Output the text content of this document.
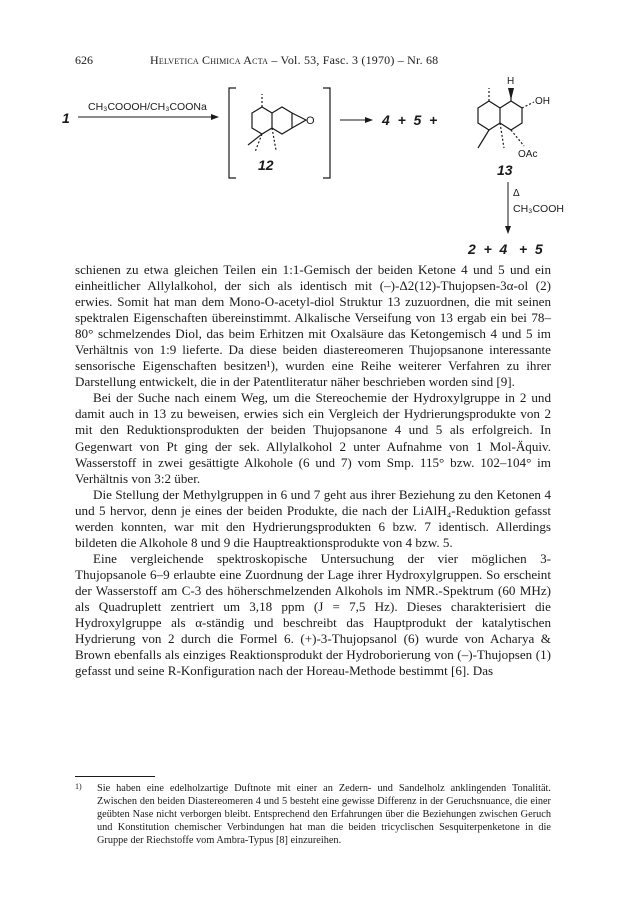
626	Helvetica Chimica Acta – Vol. 53, Fasc. 3 (1970) – Nr. 68
1
CH₃COOOH/CH₃COONa
O
12
4  +  5  +
H
OH
OAc
13
Δ
CH₃COOH
2  +  4   +  5

schienen zu etwa gleichen Teilen ein 1:1-Gemisch der beiden Ketone 4 und 5 und ein einheitlicher Allylalkohol, der sich als identisch mit (–)-Δ2(12)-Thujopsen-3α-ol (2) erwies. Somit hat man dem Mono-O-acetyl-diol Struktur 13 zuzuordnen, die mit seinen spektralen Eigenschaften übereinstimmt. Alkalische Verseifung von 13 ergab ein bei 78–80° schmelzendes Diol, das beim Erhitzen mit Oxalsäure das Ketongemisch 4 und 5 im Verhältnis von 1:9 lieferte. Da diese beiden diastereomeren Thujopsanone interessante sensorische Eigenschaften besitzen¹), wurden eine Reihe weiterer Verfahren zu ihrer Darstellung entwickelt, die in der Patentliteratur näher beschrieben worden sind [9].

Bei der Suche nach einem Weg, um die Stereochemie der Hydroxylgruppe in 2 und damit auch in 13 zu beweisen, erwies sich ein Vergleich der Hydrierungsprodukte von 2 mit den Reduktionsprodukten der beiden Thujopsanone 4 und 5 als erfolgreich. In Gegenwart von Pt ging der sek. Allylalkohol 2 unter Aufnahme von 1 Mol-Äquiv. Wasserstoff in zwei gesättigte Alkohole (6 und 7) vom Smp. 115° bzw. 102–104° im Verhältnis von 3:2 über.

Die Stellung der Methylgruppen in 6 und 7 geht aus ihrer Beziehung zu den Ketonen 4 und 5 hervor, denn je eines der beiden Produkte, die nach der LiAlH₄-Reduktion gefasst werden konnten, war mit den Hydrierungsprodukten 6 bzw. 7 identisch. Allerdings bildeten die Alkohole 8 und 9 die Hauptreaktionsprodukte von 4 bzw. 5.

Eine vergleichende spektroskopische Untersuchung der vier möglichen 3-Thujopsanole 6–9 erlaubte eine Zuordnung der Lage ihrer Hydroxylgruppen. So erscheint der Wasserstoff am C-3 des höherschmelzenden Alkohols im NMR.-Spektrum (60 MHz) als Quadruplett zentriert um 3,18 ppm (J = 7,5 Hz). Dieses charakterisiert die Hydroxylgruppe als α-ständig und beschreibt das Hauptprodukt der katalytischen Hydrierung von 2 durch die Formel 6. (+)-3-Thujopsanol (6) wurde von Acharya & Brown ebenfalls als einziges Reaktionsprodukt der Hydroborierung von (–)-Thujopsen (1) gefasst und seine R-Konfiguration nach der Horeau-Methode bestimmt [6]. Das

1) Sie haben eine edelholzartige Duftnote mit einer an Zedern- und Sandelholz anklingenden Tonalität. Zwischen den beiden Diastereomeren 4 und 5 besteht eine gewisse Differenz in der Geruchsnuance, die einer geübten Nase nicht verborgen bleibt. Entsprechend den Erfahrungen über die Beziehungen zwischen Geruch und Konstitution chemischer Verbindungen hat man die beiden tricyclischen Sesquiterpenketone in die Gruppe der Riechstoffe vom Ambra-Typus [8] einzureihen.
